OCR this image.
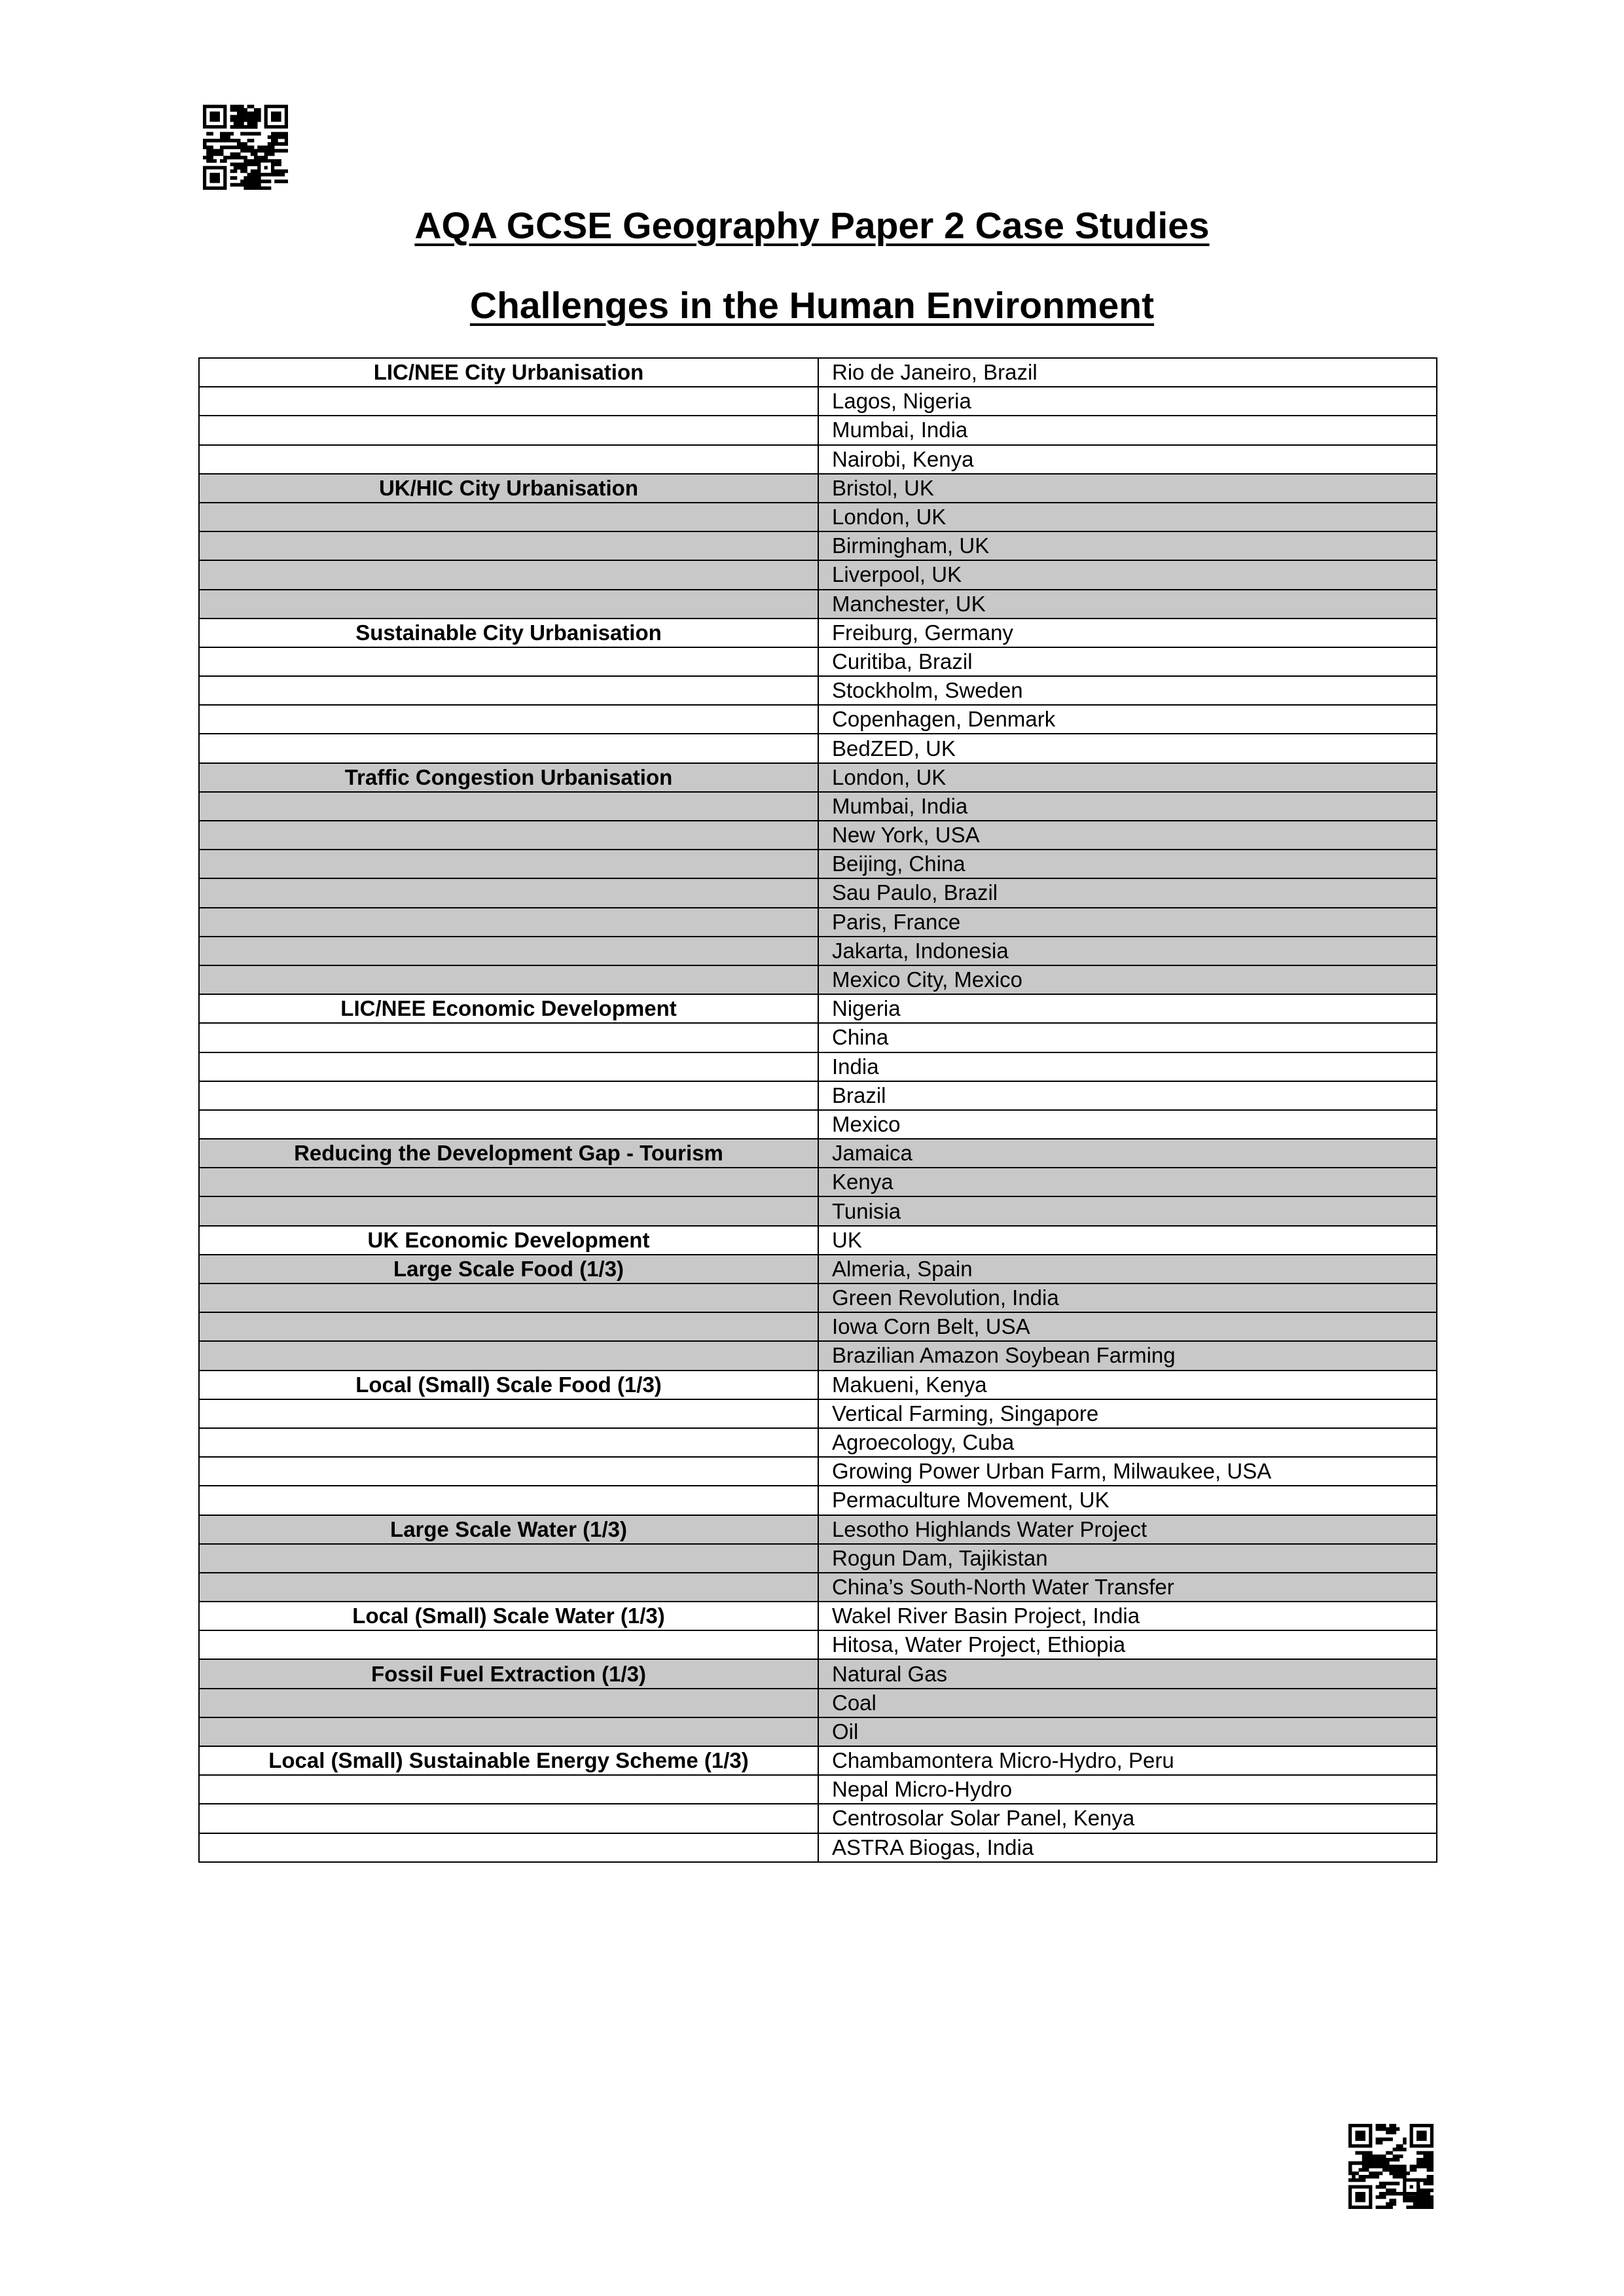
AQA GCSE Geography Paper 2 Case Studies
Challenges in the Human Environment
LIC/NEE City Urbanisation	Rio de Janeiro, Brazil
	Lagos, Nigeria
	Mumbai, India
	Nairobi, Kenya
UK/HIC City Urbanisation	Bristol, UK
	London, UK
	Birmingham, UK
	Liverpool, UK
	Manchester, UK
Sustainable City Urbanisation	Freiburg, Germany
	Curitiba, Brazil
	Stockholm, Sweden
	Copenhagen, Denmark
	BedZED, UK
Traffic Congestion Urbanisation	London, UK
	Mumbai, India
	New York, USA
	Beijing, China
	Sau Paulo, Brazil
	Paris, France
	Jakarta, Indonesia
	Mexico City, Mexico
LIC/NEE Economic Development	Nigeria
	China
	India
	Brazil
	Mexico
Reducing the Development Gap - Tourism	Jamaica
	Kenya
	Tunisia
UK Economic Development	UK
Large Scale Food (1/3)	Almeria, Spain
	Green Revolution, India
	Iowa Corn Belt, USA
	Brazilian Amazon Soybean Farming
Local (Small) Scale Food (1/3)	Makueni, Kenya
	Vertical Farming, Singapore
	Agroecology, Cuba
	Growing Power Urban Farm, Milwaukee, USA
	Permaculture Movement, UK
Large Scale Water (1/3)	Lesotho Highlands Water Project
	Rogun Dam, Tajikistan
	China’s South-North Water Transfer
Local (Small) Scale Water (1/3)	Wakel River Basin Project, India
	Hitosa, Water Project, Ethiopia
Fossil Fuel Extraction (1/3)	Natural Gas
	Coal
	Oil
Local (Small) Sustainable Energy Scheme (1/3)	Chambamontera Micro-Hydro, Peru
	Nepal Micro-Hydro
	Centrosolar Solar Panel, Kenya
	ASTRA Biogas, India
